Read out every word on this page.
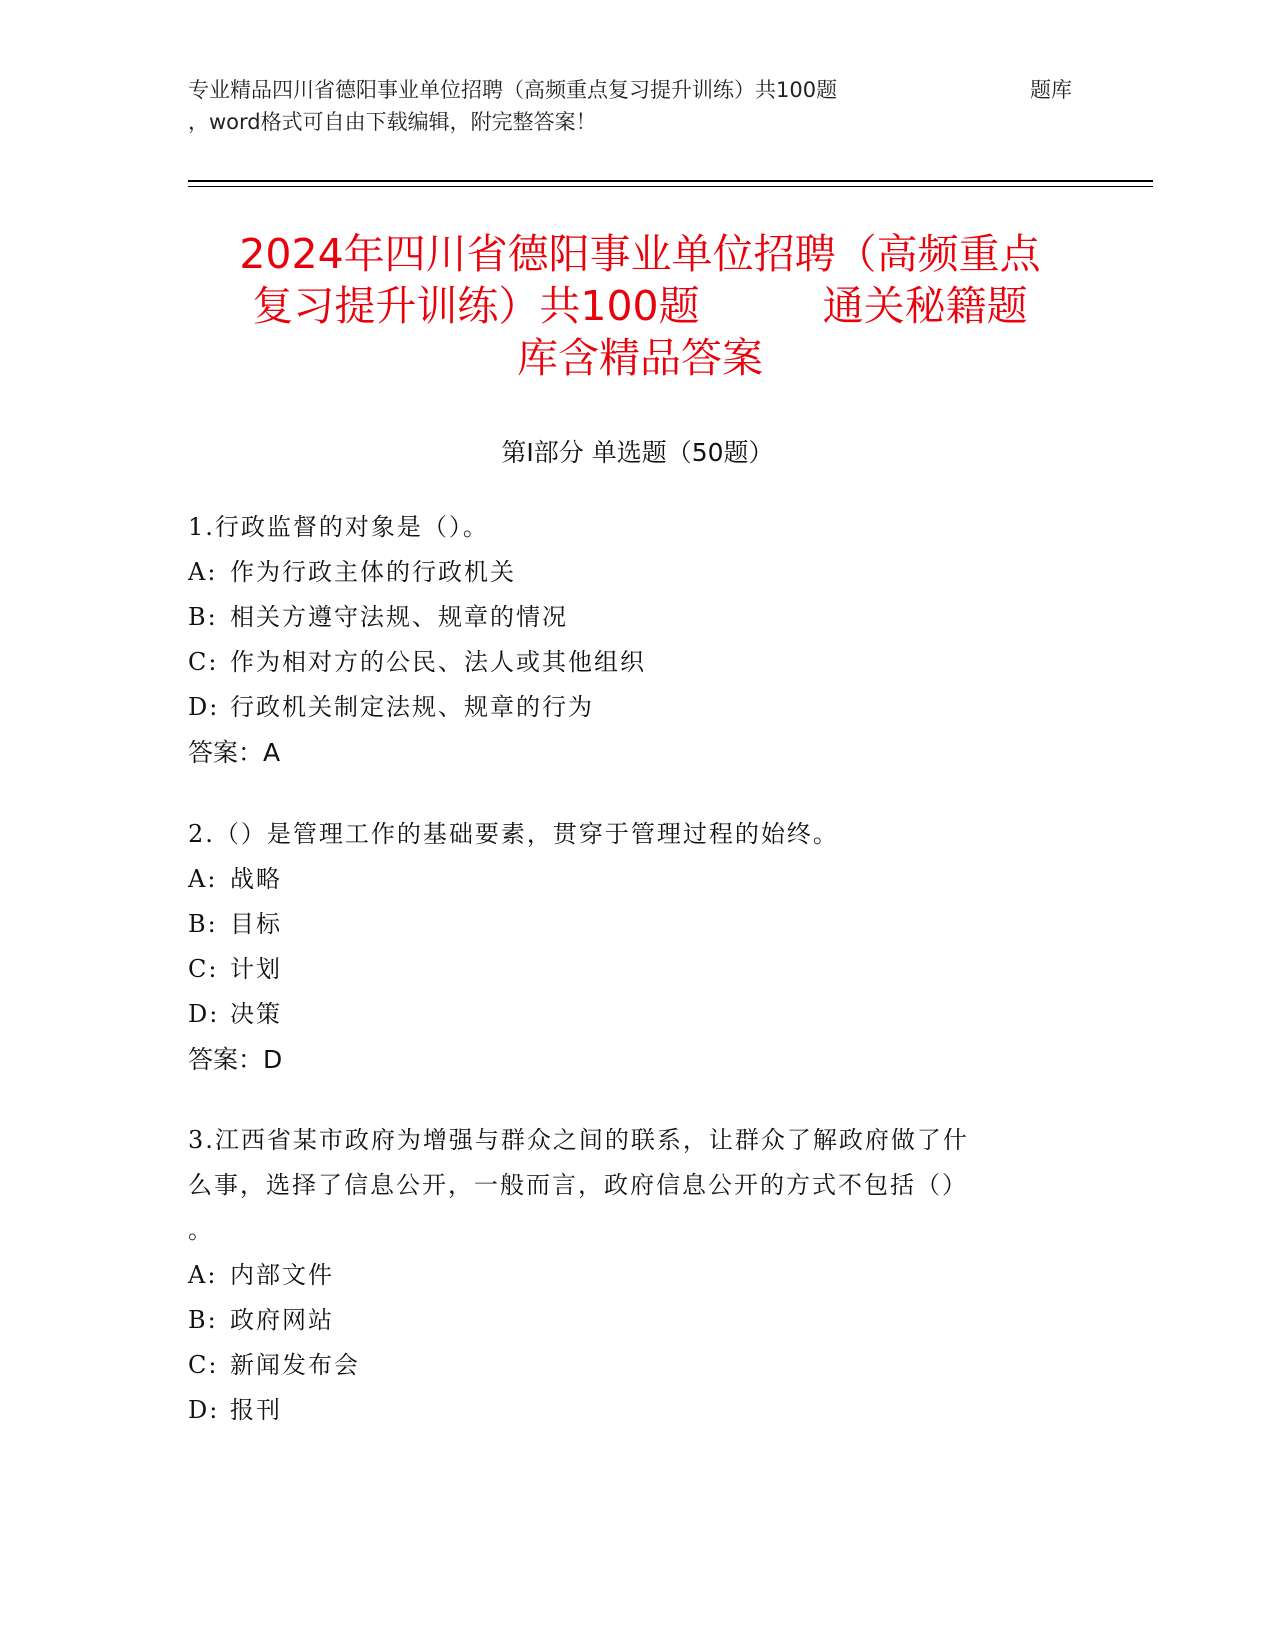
专业精品四川省德阳事业单位招聘（高频重点复习提升训练）共100题	题库
，word格式可自由下载编辑，附完整答案！
2024年四川省德阳事业单位招聘（高频重点
复习提升训练）共100题　　　通关秘籍题
库含精品答案
第Ⅰ部分 单选题（50题）
1.行政监督的对象是（）。
A: 作为行政主体的行政机关
B: 相关方遵守法规、规章的情况
C: 作为相对方的公民、法人或其他组织
D: 行政机关制定法规、规章的行为
答案：A
2.（）是管理工作的基础要素，贯穿于管理过程的始终。
A: 战略
B: 目标
C: 计划
D: 决策
答案：D
3.江西省某市政府为增强与群众之间的联系，让群众了解政府做了什
么事，选择了信息公开，一般而言，政府信息公开的方式不包括（）
。
A: 内部文件
B: 政府网站
C: 新闻发布会
D: 报刊
